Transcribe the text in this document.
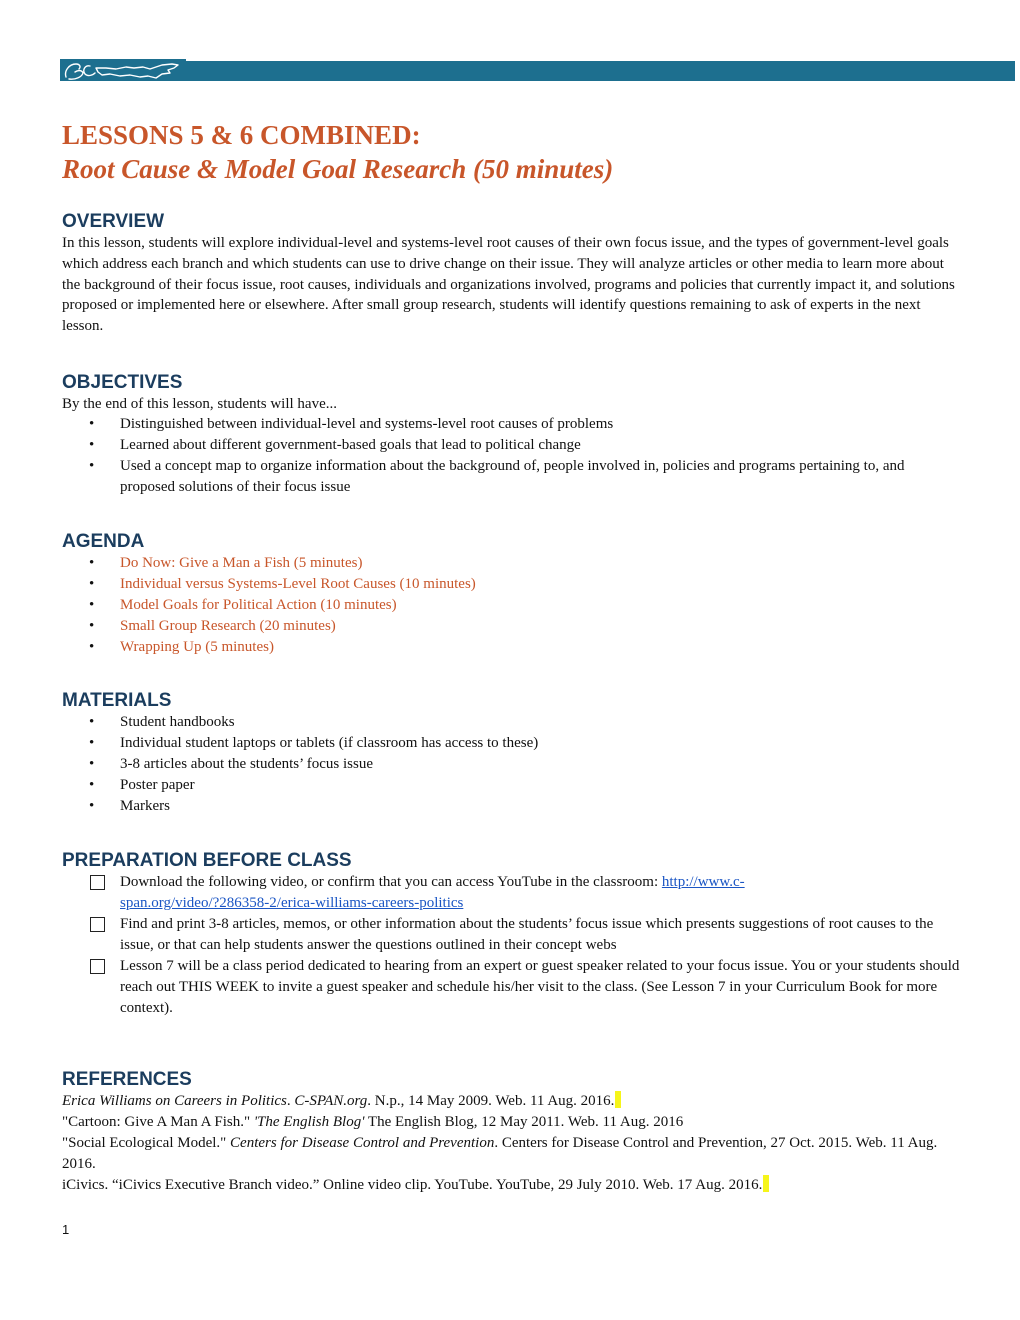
LESSONS 5 & 6 COMBINED:
Root Cause & Model Goal Research (50 minutes)
OVERVIEW

In this lesson, students will explore individual-level and systems-level root causes of their own focus issue, and the types of government-level goals which address each branch and which students can use to drive change on their issue. They will analyze articles or other media to learn more about the background of their focus issue, root causes, individuals and organizations involved, programs and policies that currently impact it, and solutions proposed or implemented here or elsewhere. After small group research, students will identify questions remaining to ask of experts in the next lesson.

OBJECTIVES

By the end of this lesson, students will have...

• Distinguished between individual-level and systems-level root causes of problems
• Learned about different government-based goals that lead to political change
• Used a concept map to organize information about the background of, people involved in, policies and programs pertaining to, and proposed solutions of their focus issue
AGENDA
• Do Now: Give a Man a Fish (5 minutes)
• Individual versus Systems-Level Root Causes (10 minutes)
• Model Goals for Political Action (10 minutes)
• Small Group Research (20 minutes)
• Wrapping Up (5 minutes)
MATERIALS
• Student handbooks
• Individual student laptops or tablets (if classroom has access to these)
• 3-8 articles about the students’ focus issue
• Poster paper
• Markers
PREPARATION BEFORE CLASS
Download the following video, or confirm that you can access YouTube in the classroom: http://www.c-
span.org/video/?286358-2/erica-williams-careers-politics
Find and print 3-8 articles, memos, or other information about the students’ focus issue which presents suggestions of root causes to the issue, or that can help students answer the questions outlined in their concept webs
Lesson 7 will be a class period dedicated to hearing from an expert or guest speaker related to your focus issue. You or your students should reach out THIS WEEK to invite a guest speaker and schedule his/her visit to the class. (See Lesson 7 in your Curriculum Book for more context).
REFERENCES
Erica Williams on Careers in Politics. C-SPAN.org. N.p., 14 May 2009. Web. 11 Aug. 2016.
"Cartoon: Give A Man A Fish." 'The English Blog' The English Blog, 12 May 2011. Web. 11 Aug. 2016
"Social Ecological Model." Centers for Disease Control and Prevention. Centers for Disease Control and Prevention, 27 Oct. 2015. Web. 11 Aug. 2016.
iCivics. “iCivics Executive Branch video.” Online video clip. YouTube. YouTube, 29 July 2010. Web. 17 Aug. 2016.
1
